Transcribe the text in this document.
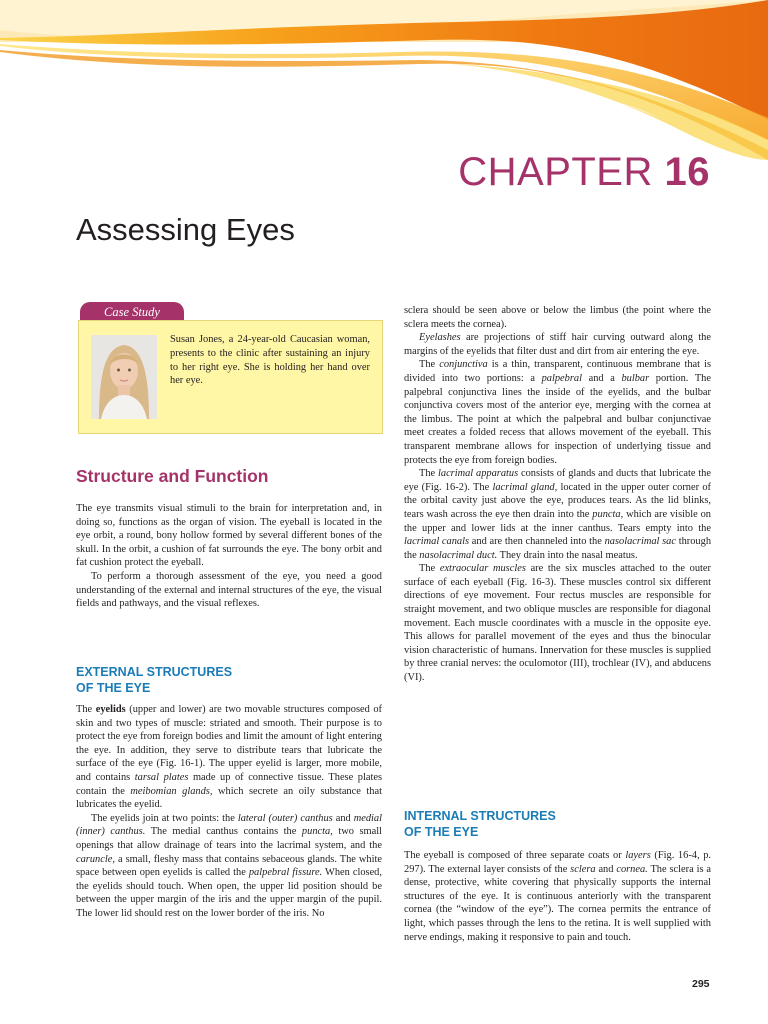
CHAPTER 16
Assessing Eyes
Case Study
Susan Jones, a 24-year-old Caucasian woman, presents to the clinic after sustaining an injury to her right eye. She is holding her hand over her eye.
Structure and Function

The eye transmits visual stimuli to the brain for interpretation and, in doing so, functions as the organ of vision. The eyeball is located in the eye orbit, a round, bony hollow formed by several different bones of the skull. In the orbit, a cushion of fat surrounds the eye. The bony orbit and fat cushion protect the eyeball.

To perform a thorough assessment of the eye, you need a good understanding of the external and internal structures of the eye, the visual fields and pathways, and the visual reflexes.

EXTERNAL STRUCTURES
OF THE EYE

The eyelids (upper and lower) are two movable structures composed of skin and two types of muscle: striated and smooth. Their purpose is to protect the eye from foreign bodies and limit the amount of light entering the eye. In addition, they serve to distribute tears that lubricate the surface of the eye (Fig. 16-1). The upper eyelid is larger, more mobile, and contains tarsal plates made up of connective tissue. These plates contain the meibomian glands, which secrete an oily substance that lubricates the eyelid.

The eyelids join at two points: the lateral (outer) canthus and medial (inner) canthus. The medial canthus contains the puncta, two small openings that allow drainage of tears into the lacrimal system, and the caruncle, a small, fleshy mass that contains sebaceous glands. The white space between open eyelids is called the palpebral fissure. When closed, the eyelids should touch. When open, the upper lid position should be between the upper margin of the iris and the upper margin of the pupil. The lower lid should rest on the lower border of the iris. No

sclera should be seen above or below the limbus (the point where the sclera meets the cornea).

Eyelashes are projections of stiff hair curving outward along the margins of the eyelids that filter dust and dirt from air entering the eye.

The conjunctiva is a thin, transparent, continuous membrane that is divided into two portions: a palpebral and a bulbar portion. The palpebral conjunctiva lines the inside of the eyelids, and the bulbar conjunctiva covers most of the anterior eye, merging with the cornea at the limbus. The point at which the palpebral and bulbar conjunctivae meet creates a folded recess that allows movement of the eyeball. This transparent membrane allows for inspection of underlying tissue and protects the eye from foreign bodies.

The lacrimal apparatus consists of glands and ducts that lubricate the eye (Fig. 16-2). The lacrimal gland, located in the upper outer corner of the orbital cavity just above the eye, produces tears. As the lid blinks, tears wash across the eye then drain into the puncta, which are visible on the upper and lower lids at the inner canthus. Tears empty into the lacrimal canals and are then channeled into the nasolacrimal sac through the nasolacrimal duct. They drain into the nasal meatus.

The extraocular muscles are the six muscles attached to the outer surface of each eyeball (Fig. 16-3). These muscles control six different directions of eye movement. Four rectus muscles are responsible for straight movement, and two oblique muscles are responsible for diagonal movement. Each muscle coordinates with a muscle in the opposite eye. This allows for parallel movement of the eyes and thus the binocular vision characteristic of humans. Innervation for these muscles is supplied by three cranial nerves: the oculomotor (III), trochlear (IV), and abducens (VI).

INTERNAL STRUCTURES
OF THE EYE

The eyeball is composed of three separate coats or layers (Fig. 16-4, p. 297). The external layer consists of the sclera and cornea. The sclera is a dense, protective, white covering that physically supports the internal structures of the eye. It is continuous anteriorly with the transparent cornea (the “window of the eye”). The cornea permits the entrance of light, which passes through the lens to the retina. It is well supplied with nerve endings, making it responsive to pain and touch.

295
